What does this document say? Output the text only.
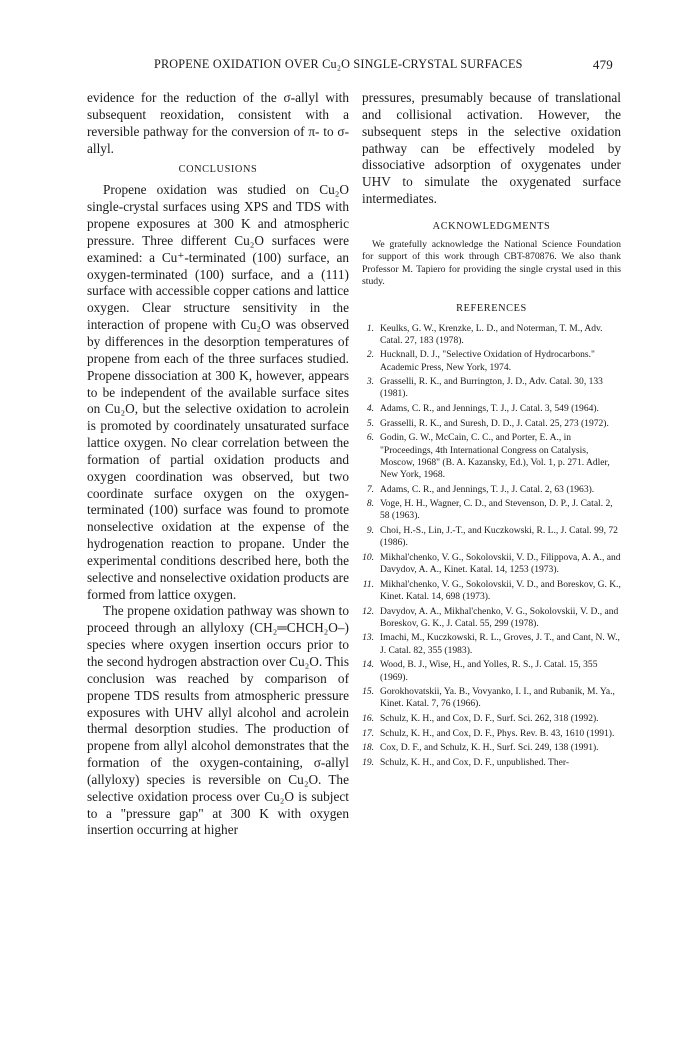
PROPENE OXIDATION OVER Cu₂O SINGLE-CRYSTAL SURFACES	479

evidence for the reduction of the σ-allyl with subsequent reoxidation, consistent with a reversible pathway for the conversion of π- to σ-allyl.

CONCLUSIONS

Propene oxidation was studied on Cu₂O single-crystal surfaces using XPS and TDS with propene exposures at 300 K and atmospheric pressure. Three different Cu₂O surfaces were examined: a Cu⁺-terminated (100) surface, an oxygen-terminated (100) surface, and a (111) surface with accessible copper cations and lattice oxygen. Clear structure sensitivity in the interaction of propene with Cu₂O was observed by differences in the desorption temperatures of propene from each of the three surfaces studied. Propene dissociation at 300 K, however, appears to be independent of the available surface sites on Cu₂O, but the selective oxidation to acrolein is promoted by coordinately unsaturated surface lattice oxygen. No clear correlation between the formation of partial oxidation products and oxygen coordination was observed, but two coordinate surface oxygen on the oxygen-terminated (100) surface was found to promote nonselective oxidation at the expense of the hydrogenation reaction to propane. Under the experimental conditions described here, both the selective and nonselective oxidation products are formed from lattice oxygen.

The propene oxidation pathway was shown to proceed through an allyloxy (CH₂═CHCH₂O–) species where oxygen insertion occurs prior to the second hydrogen abstraction over Cu₂O. This conclusion was reached by comparison of propene TDS results from atmospheric pressure exposures with UHV allyl alcohol and acrolein thermal desorption studies. The production of propene from allyl alcohol demonstrates that the formation of the oxygen-containing, σ-allyl (allyloxy) species is reversible on Cu₂O. The selective oxidation process over Cu₂O is subject to a "pressure gap" at 300 K with oxygen insertion occurring at higher

pressures, presumably because of translational and collisional activation. However, the subsequent steps in the selective oxidation pathway can be effectively modeled by dissociative adsorption of oxygenates under UHV to simulate the oxygenated surface intermediates.

ACKNOWLEDGMENTS

We gratefully acknowledge the National Science Foundation for support of this work through CBT-870876. We also thank Professor M. Tapiero for providing the single crystal used in this study.

REFERENCES
1. Keulks, G. W., Krenzke, L. D., and Noterman, T. M., Adv. Catal. 27, 183 (1978).
2. Hucknall, D. J., "Selective Oxidation of Hydrocarbons." Academic Press, New York, 1974.
3. Grasselli, R. K., and Burrington, J. D., Adv. Catal. 30, 133 (1981).
4. Adams, C. R., and Jennings, T. J., J. Catal. 3, 549 (1964).
5. Grasselli, R. K., and Suresh, D. D., J. Catal. 25, 273 (1972).
6. Godin, G. W., McCain, C. C., and Porter, E. A., in "Proceedings, 4th International Congress on Catalysis, Moscow, 1968" (B. A. Kazansky, Ed.), Vol. 1, p. 271. Adler, New York, 1968.
7. Adams, C. R., and Jennings, T. J., J. Catal. 2, 63 (1963).
8. Voge, H. H., Wagner, C. D., and Stevenson, D. P., J. Catal. 2, 58 (1963).
9. Choi, H.-S., Lin, J.-T., and Kuczkowski, R. L., J. Catal. 99, 72 (1986).
10. Mikhal'chenko, V. G., Sokolovskii, V. D., Filippova, A. A., and Davydov, A. A., Kinet. Katal. 14, 1253 (1973).
11. Mikhal'chenko, V. G., Sokolovskii, V. D., and Boreskov, G. K., Kinet. Katal. 14, 698 (1973).
12. Davydov, A. A., Mikhal'chenko, V. G., Sokolovskii, V. D., and Boreskov, G. K., J. Catal. 55, 299 (1978).
13. Imachi, M., Kuczkowski, R. L., Groves, J. T., and Cant, N. W., J. Catal. 82, 355 (1983).
14. Wood, B. J., Wise, H., and Yolles, R. S., J. Catal. 15, 355 (1969).
15. Gorokhovatskii, Ya. B., Vovyanko, I. I., and Rubanik, M. Ya., Kinet. Katal. 7, 76 (1966).
16. Schulz, K. H., and Cox, D. F., Surf. Sci. 262, 318 (1992).
17. Schulz, K. H., and Cox, D. F., Phys. Rev. B. 43, 1610 (1991).
18. Cox, D. F., and Schulz, K. H., Surf. Sci. 249, 138 (1991).
19. Schulz, K. H., and Cox, D. F., unpublished. Ther-
